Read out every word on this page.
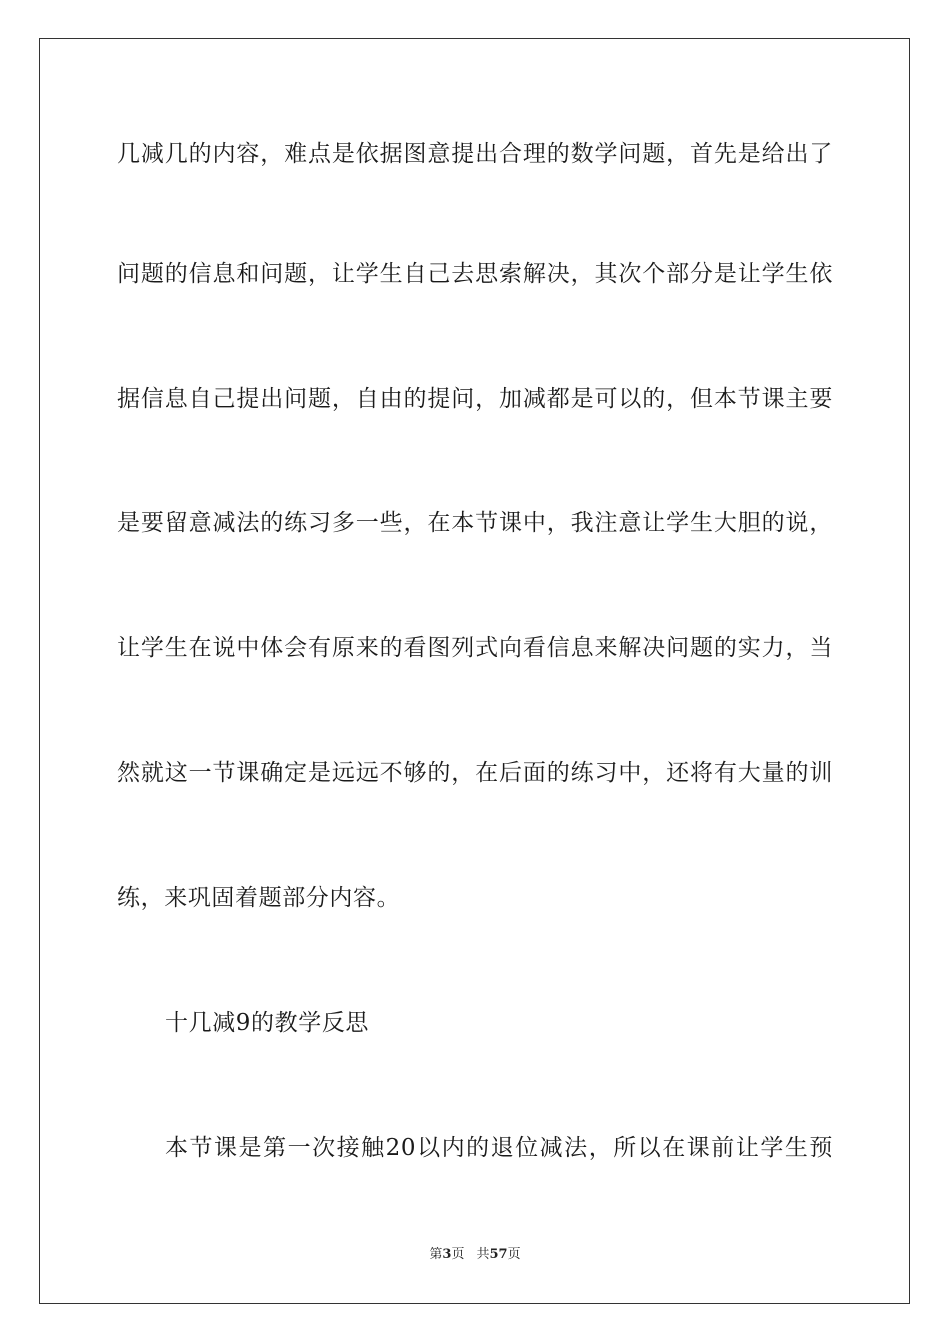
几减几的内容，难点是依据图意提出合理的数学问题，首先是给出了
问题的信息和问题，让学生自己去思索解决，其次个部分是让学生依
据信息自己提出问题，自由的提问，加减都是可以的，但本节课主要
是要留意减法的练习多一些，在本节课中，我注意让学生大胆的说，
让学生在说中体会有原来的看图列式向看信息来解决问题的实力，当
然就这一节课确定是远远不够的，在后面的练习中，还将有大量的训
练，来巩固着题部分内容。
十几减9的教学反思
本节课是第一次接触20以内的退位减法，所以在课前让学生预
第3页 共57页
